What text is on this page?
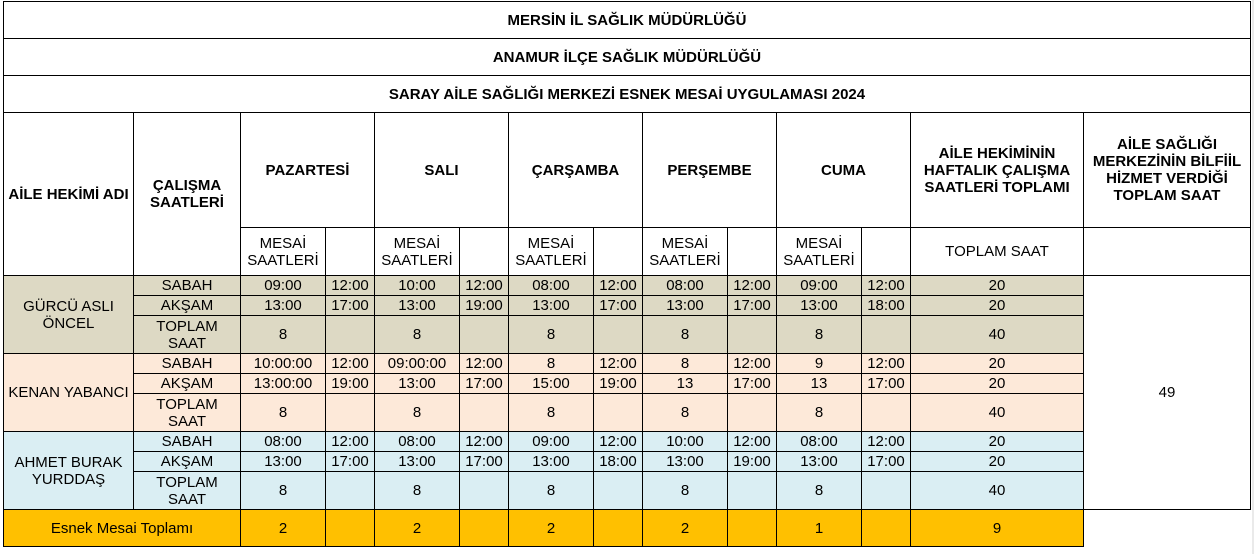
MERSİN İL SAĞLIK MÜDÜRLÜĞÜ													
ANAMUR İLÇE SAĞLIK MÜDÜRLÜĞÜ													
SARAY AİLE SAĞLIĞI MERKEZİ ESNEK MESAİ UYGULAMASI 2024													
AİLE HEKİMİ ADI	ÇALIŞMA SAATLERİ	PAZARTESİ		SALI		ÇARŞAMBA		PERŞEMBE		CUMA		AİLE HEKİMİNİN HAFTALIK ÇALIŞMA SAATLERİ TOPLAMI	AİLE SAĞLIĞI MERKEZİNİN BİLFİİL HİZMET VERDİĞİ TOPLAM SAAT
		MESAİ SAATLERİ		MESAİ SAATLERİ		MESAİ SAATLERİ		MESAİ SAATLERİ		MESAİ SAATLERİ		TOPLAM SAAT	
GÜRCÜ ASLI ÖNCEL	SABAH	09:00	12:00	10:00	12:00	08:00	12:00	08:00	12:00	09:00	12:00	20	49
	AKŞAM	13:00	17:00	13:00	19:00	13:00	17:00	13:00	17:00	13:00	18:00	20	
	TOPLAM SAAT	8		8		8		8		8		40	
KENAN YABANCI	SABAH	10:00:00	12:00	09:00:00	12:00	8	12:00	8	12:00	9	12:00	20	
	AKŞAM	13:00:00	19:00	13:00	17:00	15:00	19:00	13	17:00	13	17:00	20	
	TOPLAM SAAT	8		8		8		8		8		40	
AHMET BURAK YURDDAŞ	SABAH	08:00	12:00	08:00	12:00	09:00	12:00	10:00	12:00	08:00	12:00	20	
	AKŞAM	13:00	17:00	13:00	17:00	13:00	18:00	13:00	19:00	13:00	17:00	20	
	TOPLAM SAAT	8		8		8		8		8		40	
Esnek Mesai Toplamı		2		2		2		2		1		9	
